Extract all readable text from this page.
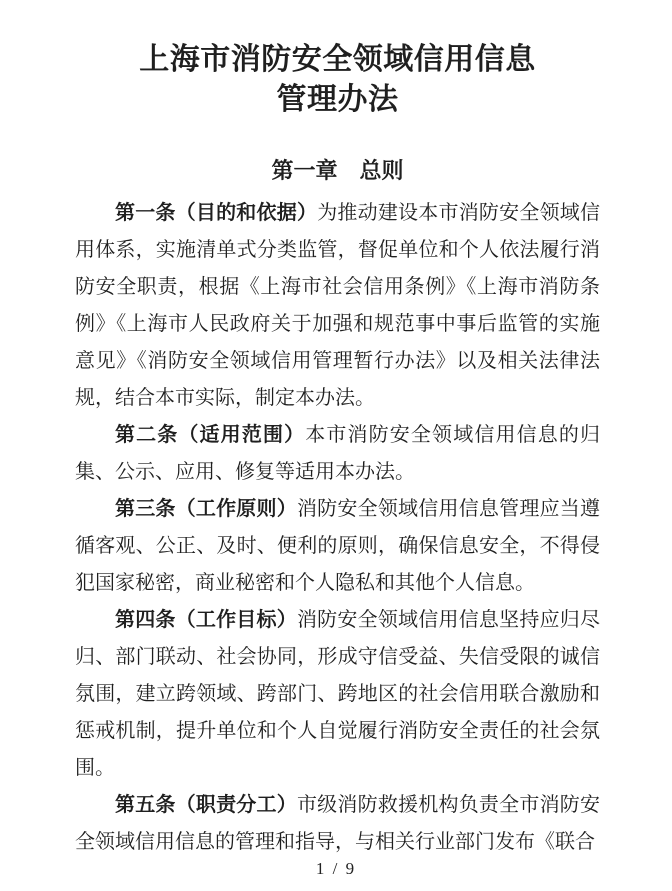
上海市消防安全领域信用信息
管理办法
第一章　总则

第一条（目的和依据）为推动建设本市消防安全领域信用体系，实施清单式分类监管，督促单位和个人依法履行消防安全职责，根据《上海市社会信用条例》《上海市消防条例》《上海市人民政府关于加强和规范事中事后监管的实施意见》《消防安全领域信用管理暂行办法》以及相关法律法规，结合本市实际，制定本办法。

第二条（适用范围）本市消防安全领域信用信息的归集、公示、应用、修复等适用本办法。

第三条（工作原则）消防安全领域信用信息管理应当遵循客观、公正、及时、便利的原则，确保信息安全，不得侵犯国家秘密，商业秘密和个人隐私和其他个人信息。

第四条（工作目标）消防安全领域信用信息坚持应归尽归、部门联动、社会协同，形成守信受益、失信受限的诚信氛围，建立跨领域、跨部门、跨地区的社会信用联合激励和惩戒机制，提升单位和个人自觉履行消防安全责任的社会氛围。

第五条（职责分工）市级消防救援机构负责全市消防安全领域信用信息的管理和指导，与相关行业部门发布《联合

1 / 9
